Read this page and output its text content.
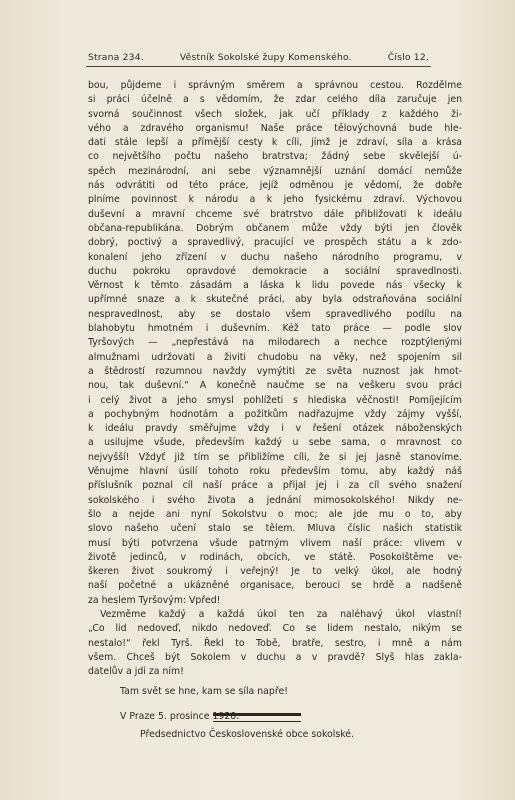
Strana 234.	Věstník Sokolské župy Komenského.	Číslo 12.
bou, půjdeme i správným směrem a správnou cestou. Rozdělme
si práci účelně a s vědomím, že zdar celého díla zaručuje jen
svorná součinnost všech složek, jak učí příklady z každého ži-
vého a zdravého organismu! Naše práce tělovýchovná bude hle-
dati stále lepší a přímější cesty k cíli, jímž je zdraví, síla a krása
co největšího počtu našeho bratrstva; žádný sebe skvělejší ú-
spěch mezinárodní, ani sebe významnější uznání domácí nemůže
nás odvrátiti od této práce, jejíž odměnou je vědomí, že dobře
plníme povinnost k národu a k jeho fysickému zdraví. Výchovou
duševní a mravní chceme své bratrstvo dále přibližovati k ideálu
občana-republikána. Dobrým občanem může vždy býti jen člověk
dobrý, poctivý a spravedlivý, pracující ve prospěch státu a k zdo-
konalení jeho zřízení v duchu našeho národního programu, v
duchu pokroku opravdové demokracie a sociální spravedlnosti.
Věrnost k těmto zásadám a láska k lidu povede nás všecky k
upřímné snaze a k skutečné práci, aby byla odstraňována sociální
nespravedlnost, aby se dostalo všem spravedlivého podílu na
blahobytu hmotném i duševním. Kéž tato práce — podle slov
Tyršových — „nepřestává na milodarech a nechce rozptýlenými
almužnami udržovati a živiti chudobu na věky, než spojením sil
a štědrostí rozumnou navždy vymýtiti ze světa nuznost jak hmot-
nou, tak duševní.“ A konečně naučme se na veškeru svou práci
i celý život a jeho smysl pohlížeti s hlediska věčnosti! Pomíjejícím
a pochybným hodnotám a požitkům nadřazujme vždy zájmy vyšší,
k ideálu pravdy směřujme vždy i v řešení otázek náboženských
a usilujme všude, především každý u sebe sama, o mravnost co
nejvyšší! Vždyť již tím se přibližíme cíli, že si jej jasně stanovíme.
Věnujme hlavní úsilí tohoto roku především tomu, aby každý náš
příslušník poznal cíl naší práce a přijal jej i za cíl svého snažení
sokolského i svého života a jednání mimosokolského! Nikdy ne-
šlo a nejde ani nyní Sokolstvu o moc; ale jde mu o to, aby
slovo našeho učení stalo se tělem. Mluva číslic našich statistik
musí býti potvrzena všude patrným vlivem naší práce: vlivem v
životě jedinců, v rodinách, obcích, ve státě. Posokolštěme ve-
škeren život soukromý i veřejný! Je to velký úkol, ale hodný
naší početné a ukázněné organisace, berouci se hrdě a nadšeně
za heslem Tyršovým: Vpřed!
Vezměme každý a každá úkol ten za naléhavý úkol vlastní!
„Co lid nedoveď, nikdo nedoveď. Co se lidem nestalo, nikým se
nestalo!“ řekl Tyrš. Řekl to Tobě, bratře, sestro, i mně a nám
všem. Chceš být Sokolem v duchu a v pravdě? Slyš hlas zakla-
datelův a jdi za ním!
Tam svět se hne, kam se síla napře!
V Praze 5. prosince 1928.
Předsednictvo Československé obce sokolské.
